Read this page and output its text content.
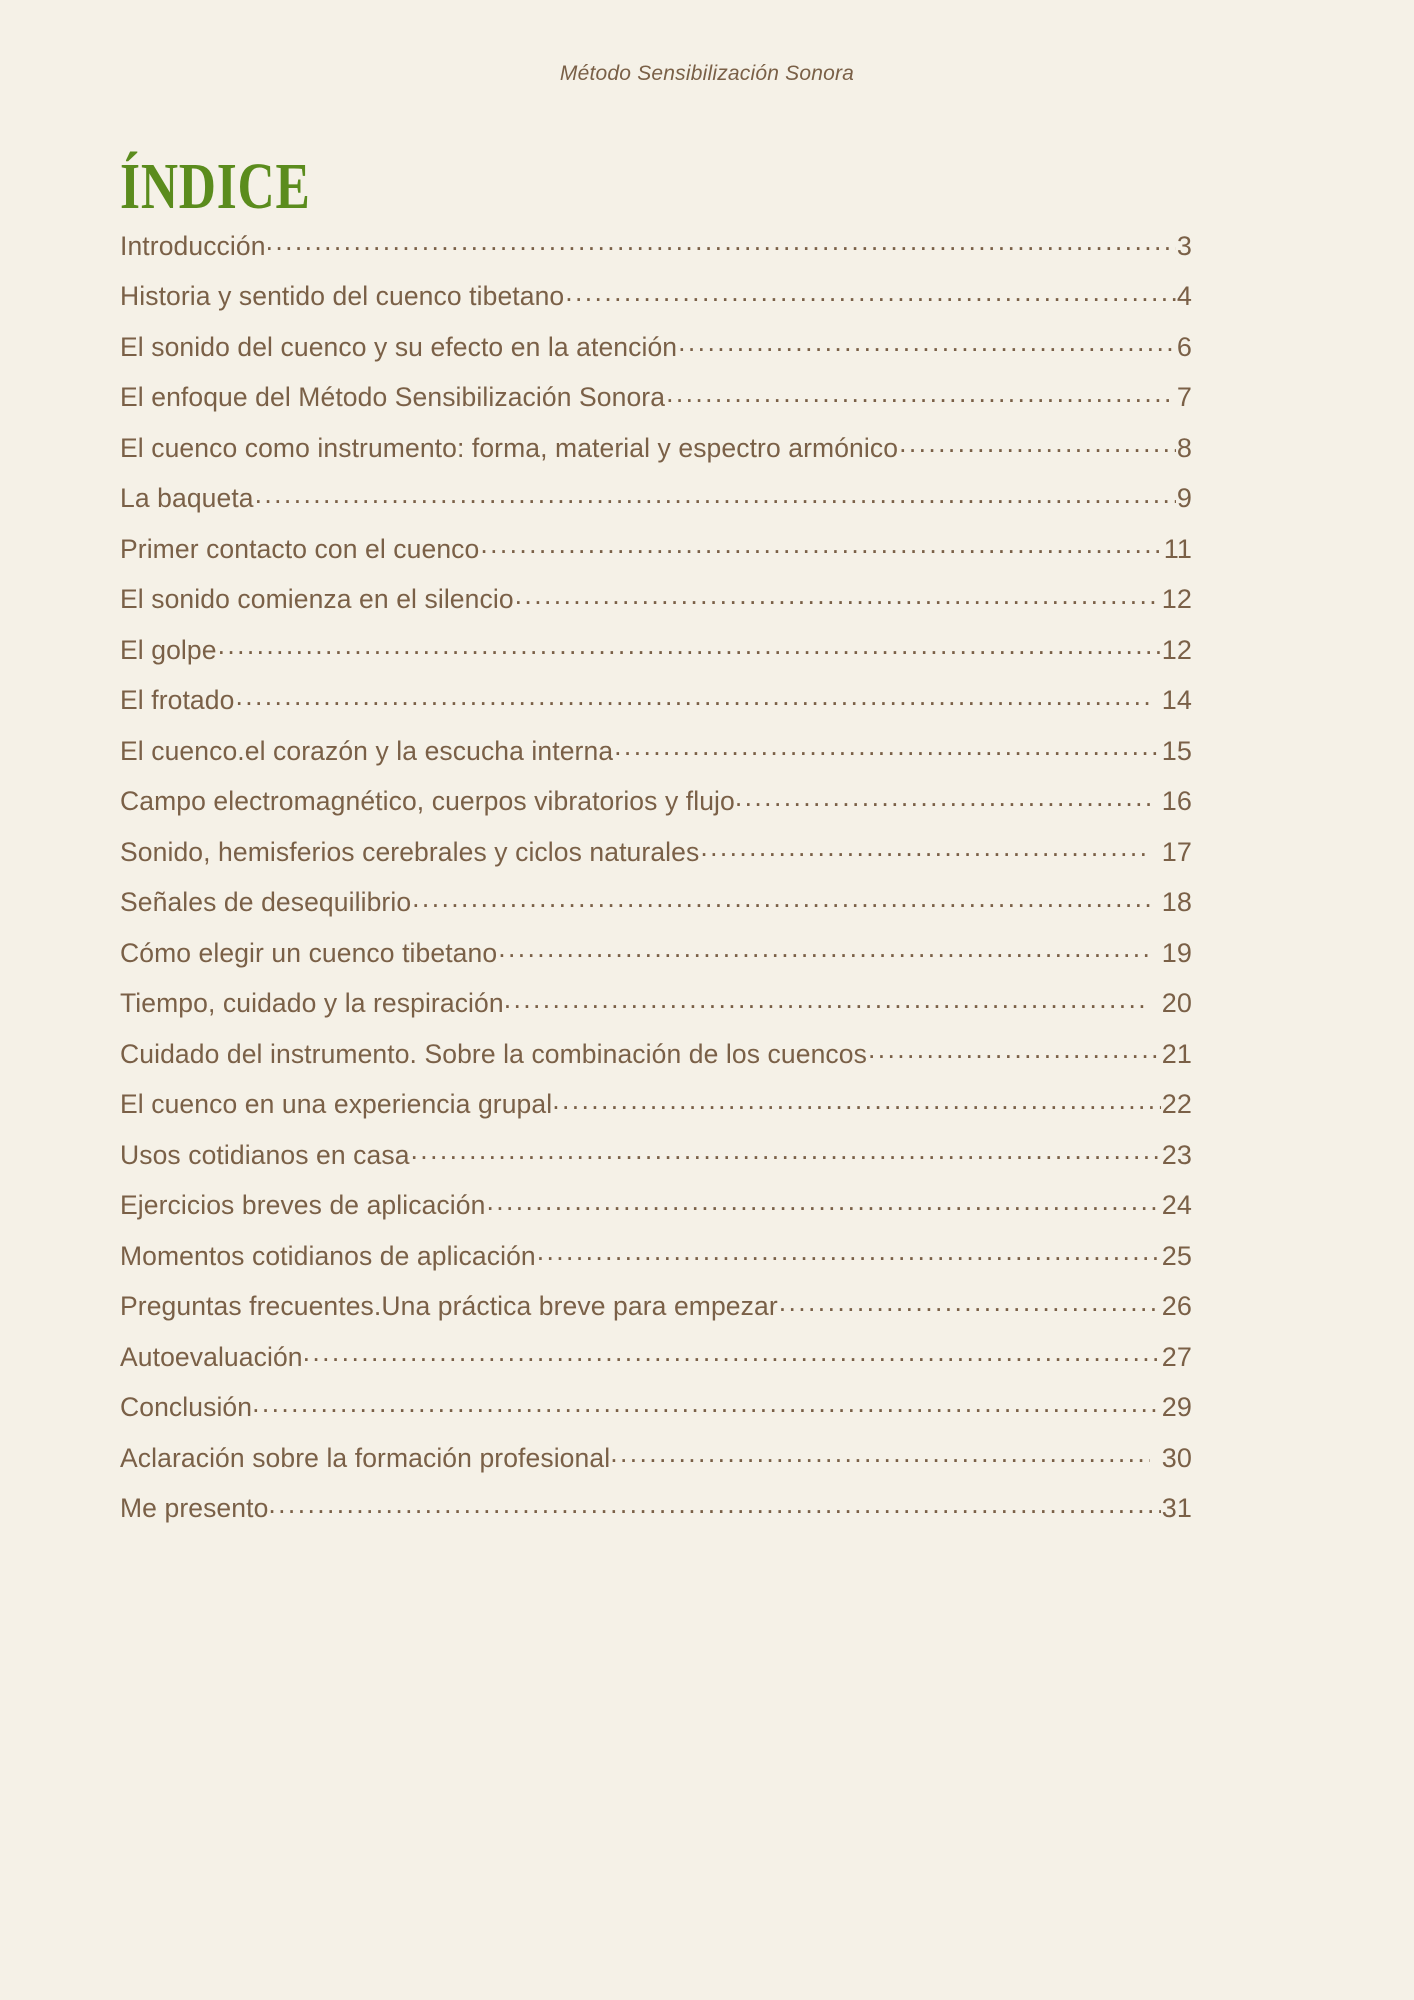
Método Sensibilización Sonora
ÍNDICE
Introducción .....	3
Historia y sentido del cuenco tibetano .....	4
El sonido del cuenco y su efecto en la atención .....	6
El enfoque del Método Sensibilización Sonora .....	7
El cuenco como instrumento: forma, material y espectro armónico .....	8
La baqueta .....	9
Primer contacto con el cuenco .....	11
El sonido comienza en el silencio .....	12
El golpe .....	12
El frotado .....	14
El cuenco.el corazón y la escucha interna .....	15
Campo electromagnético, cuerpos vibratorios y flujo .....	16
Sonido, hemisferios cerebrales y ciclos naturales .....	17
Señales de desequilibrio .....	18
Cómo elegir un cuenco tibetano .....	19
Tiempo, cuidado y la respiración .....	20
Cuidado del instrumento. Sobre la combinación de los cuencos .....	21
El cuenco en una experiencia grupal .....	22
Usos cotidianos en casa .....	23
Ejercicios breves de aplicación .....	24
Momentos cotidianos de aplicación .....	25
Preguntas frecuentes.Una práctica breve para empezar .....	26
Autoevaluación .....	27
Conclusión .....	29
Aclaración sobre la formación profesional .....	30
Me presento .....	31
